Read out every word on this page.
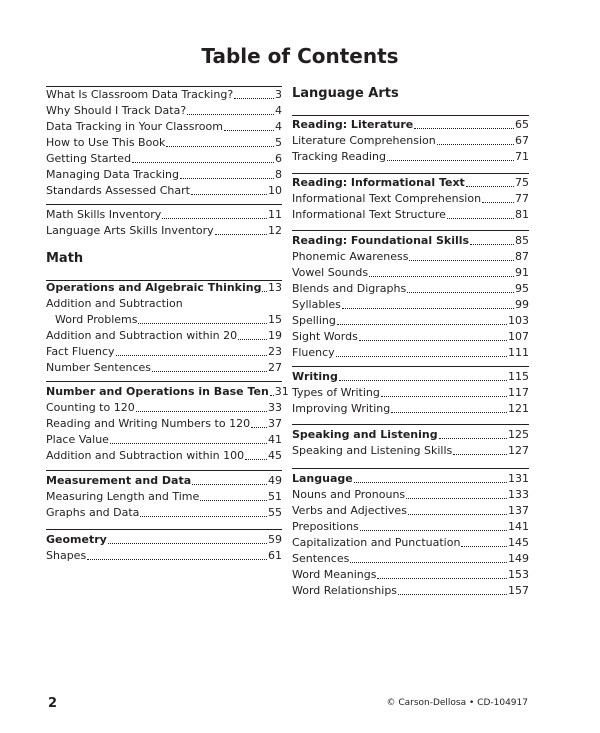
Table of Contents
What Is Classroom Data Tracking?	3
Why Should I Track Data?	4
Data Tracking in Your Classroom	4
How to Use This Book	5
Getting Started	6
Managing Data Tracking	8
Standards Assessed Chart	10
Math Skills Inventory	11
Language Arts Skills Inventory	12
Math
Operations and Algebraic Thinking 13
Addition and Subtraction
Word Problems	15
Addition and Subtraction within 20	19
Fact Fluency	23
Number Sentences	27
Number and Operations in Base Ten 31
Counting to 120	33
Reading and Writing Numbers to 120 37
Place Value	41
Addition and Subtraction within 100 45
Measurement and Data	49
Measuring Length and Time	51
Graphs and Data	55
Geometry	59
Shapes	61
Language Arts
Reading: Literature	65
Literature Comprehension	67
Tracking Reading	71
Reading: Informational Text	75
Informational Text Comprehension	77
Informational Text Structure	81
Reading: Foundational Skills	85
Phonemic Awareness	87
Vowel Sounds	91
Blends and Digraphs	95
Syllables	99
Spelling	103
Sight Words	107
Fluency	111
Writing	115
Types of Writing	117
Improving Writing	121
Speaking and Listening	125
Speaking and Listening Skills	127
Language	131
Nouns and Pronouns	133
Verbs and Adjectives	137
Prepositions	141
Capitalization and Punctuation	145
Sentences	149
Word Meanings	153
Word Relationships	157
2	© Carson-Dellosa • CD-104917
